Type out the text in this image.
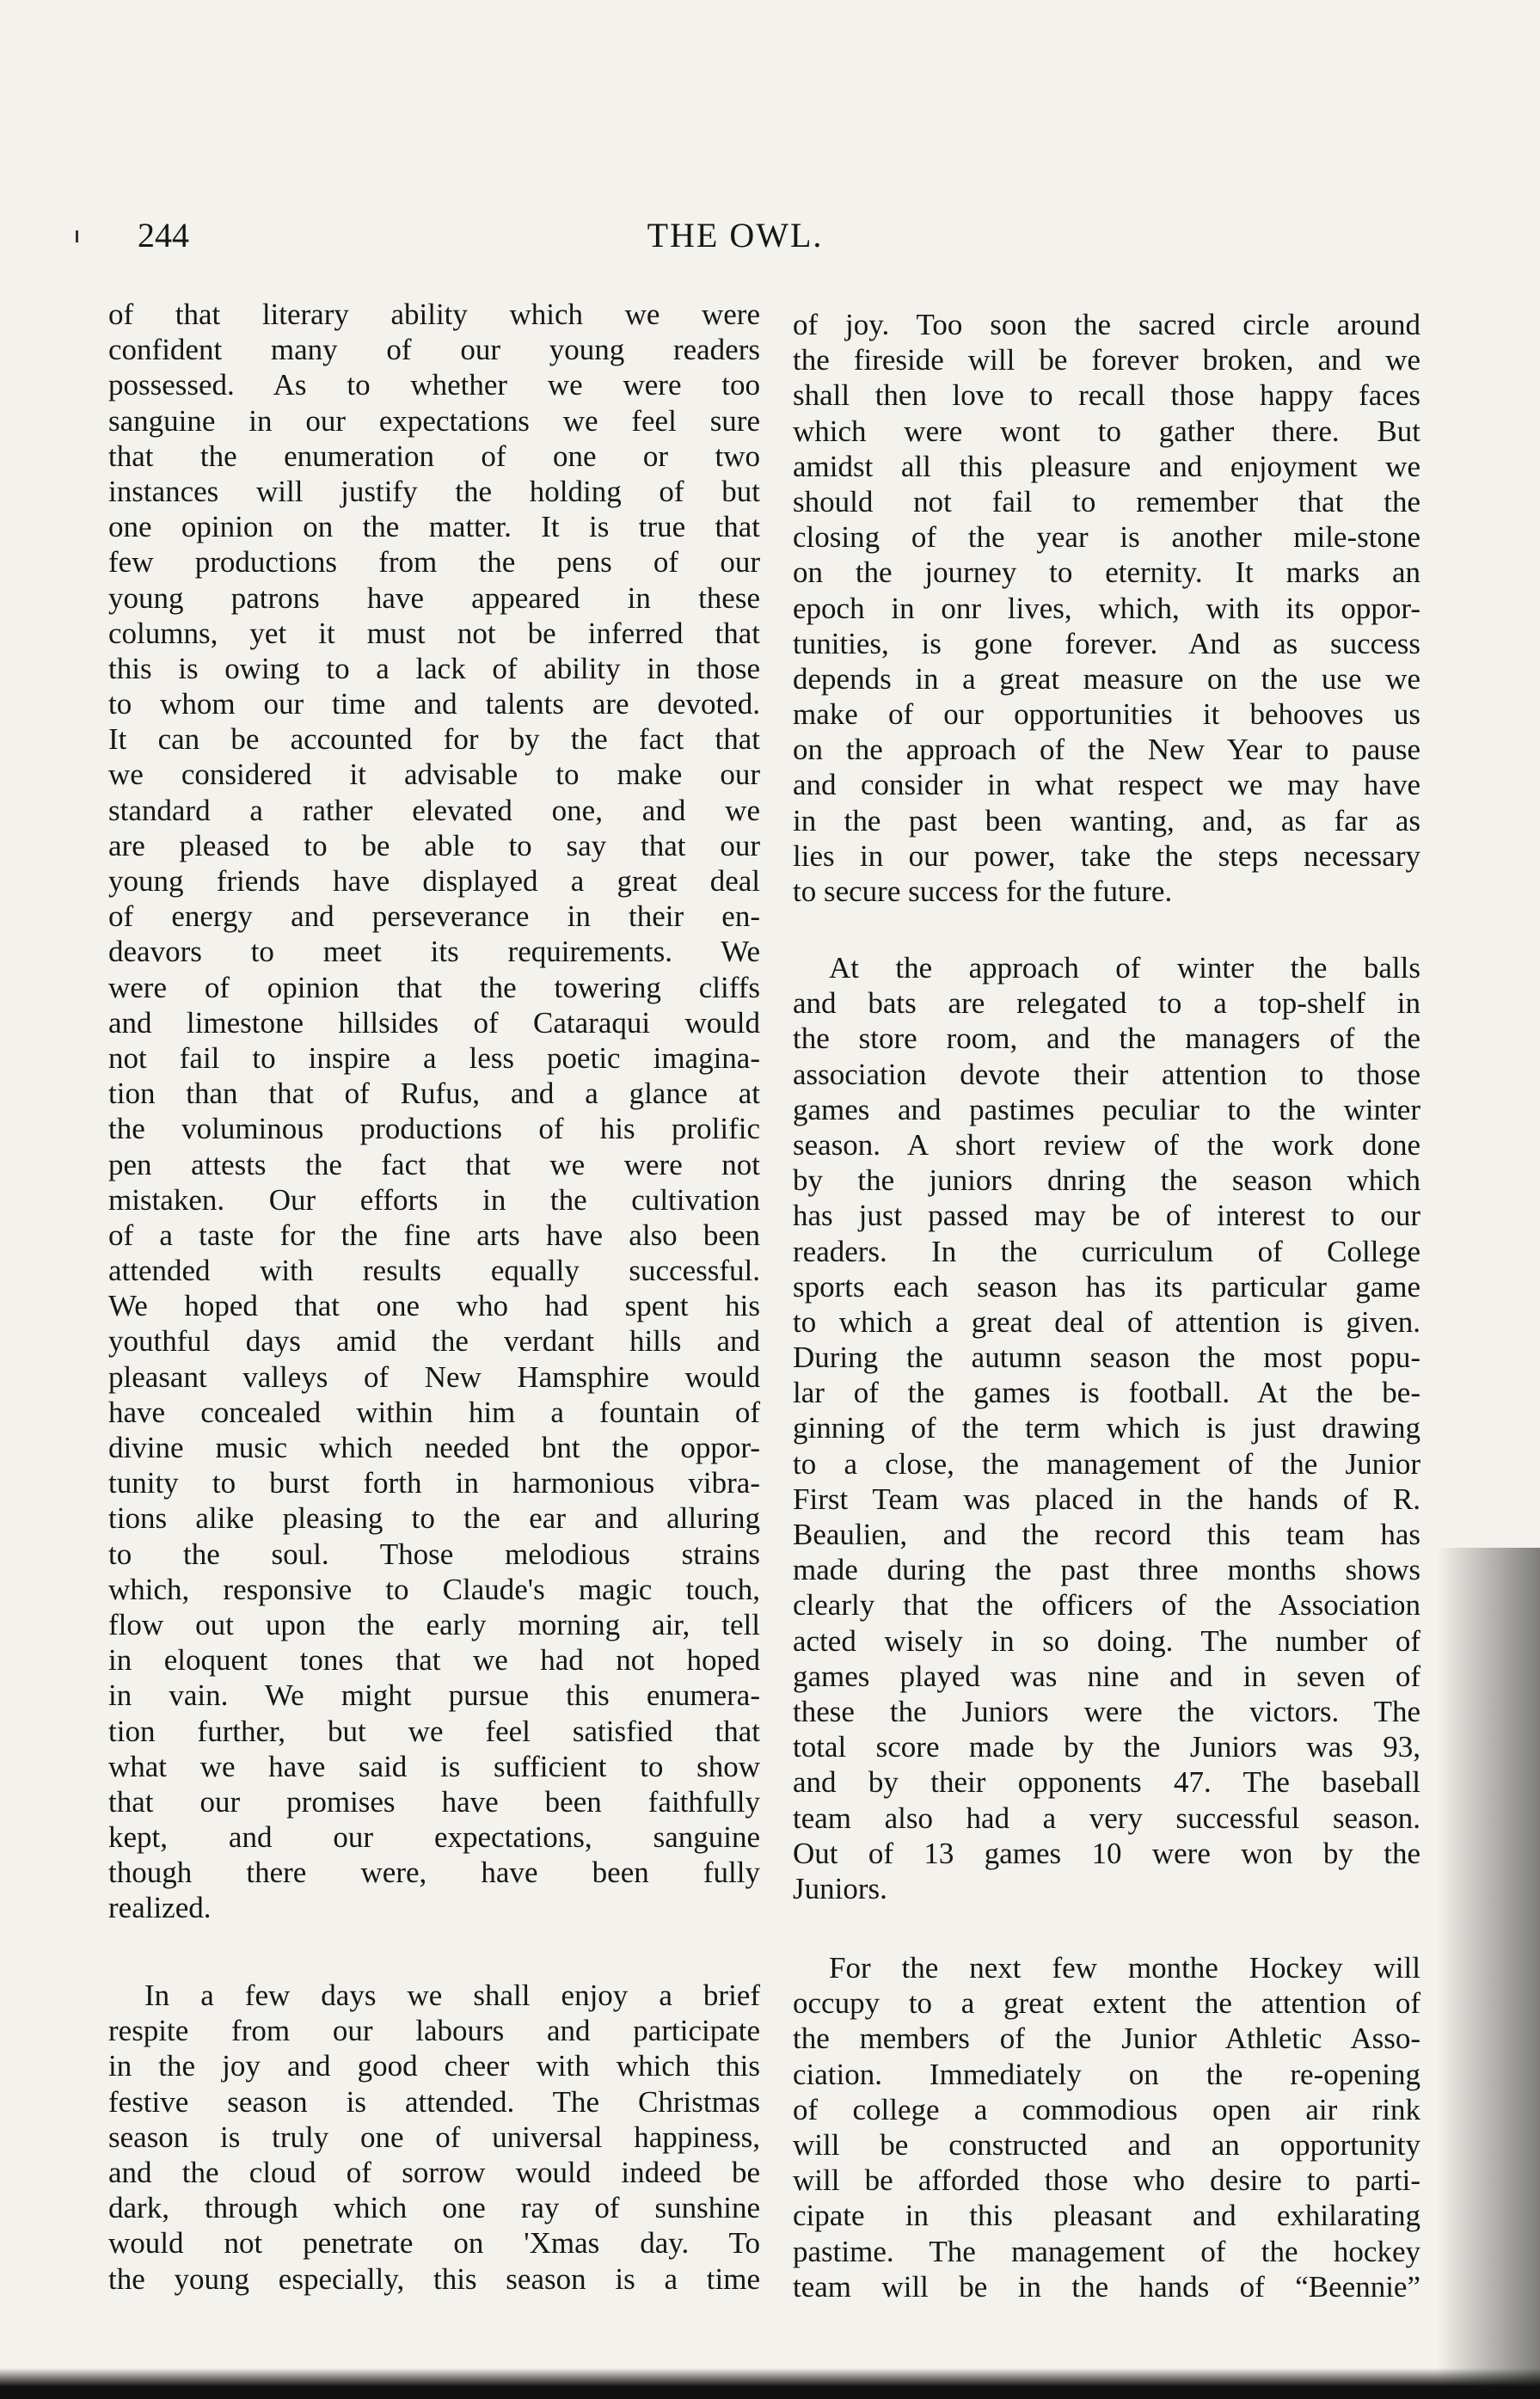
244	THE OWL.
of that literary ability which we were
confident many of our young readers
possessed. As to whether we were too
sanguine in our expectations we feel sure
that the enumeration of one or two
instances will justify the holding of but
one opinion on the matter. It is true that
few productions from the pens of our
young patrons have appeared in these
columns, yet it must not be inferred that
this is owing to a lack of ability in those
to whom our time and talents are devoted.
It can be accounted for by the fact that
we considered it advisable to make our
standard a rather elevated one, and we
are pleased to be able to say that our
young friends have displayed a great deal
of energy and perseverance in their en-
deavors to meet its requirements. We
were of opinion that the towering cliffs
and limestone hillsides of Cataraqui would
not fail to inspire a less poetic imagina-
tion than that of Rufus, and a glance at
the voluminous productions of his prolific
pen attests the fact that we were not
mistaken. Our efforts in the cultivation
of a taste for the fine arts have also been
attended with results equally successful.
We hoped that one who had spent his
youthful days amid the verdant hills and
pleasant valleys of New Hamsphire would
have concealed within him a fountain of
divine music which needed bnt the oppor-
tunity to burst forth in harmonious vibra-
tions alike pleasing to the ear and alluring
to the soul. Those melodious strains
which, responsive to Claude's magic touch,
flow out upon the early morning air, tell
in eloquent tones that we had not hoped
in vain. We might pursue this enumera-
tion further, but we feel satisfied that
what we have said is sufficient to show
that our promises have been faithfully
kept, and our expectations, sanguine
though there were, have been fully
realized.
In a few days we shall enjoy a brief
respite from our labours and participate
in the joy and good cheer with which this
festive season is attended. The Christmas
season is truly one of universal happiness,
and the cloud of sorrow would indeed be
dark, through which one ray of sunshine
would not penetrate on 'Xmas day. To
the young especially, this season is a time
of joy. Too soon the sacred circle around
the fireside will be forever broken, and we
shall then love to recall those happy faces
which were wont to gather there. But
amidst all this pleasure and enjoyment we
should not fail to remember that the
closing of the year is another mile-stone
on the journey to eternity. It marks an
epoch in onr lives, which, with its oppor-
tunities, is gone forever. And as success
depends in a great measure on the use we
make of our opportunities it behooves us
on the approach of the New Year to pause
and consider in what respect we may have
in the past been wanting, and, as far as
lies in our power, take the steps necessary
to secure success for the future.
At the approach of winter the balls
and bats are relegated to a top-shelf in
the store room, and the managers of the
association devote their attention to those
games and pastimes peculiar to the winter
season. A short review of the work done
by the juniors dnring the season which
has just passed may be of interest to our
readers. In the curriculum of College
sports each season has its particular game
to which a great deal of attention is given.
During the autumn season the most popu-
lar of the games is football. At the be-
ginning of the term which is just drawing
to a close, the management of the Junior
First Team was placed in the hands of R.
Beaulien, and the record this team has
made during the past three months shows
clearly that the officers of the Association
acted wisely in so doing. The number of
games played was nine and in seven of
these the Juniors were the victors. The
total score made by the Juniors was 93,
and by their opponents 47. The baseball
team also had a very successful season.
Out of 13 games 10 were won by the
Juniors.
For the next few monthe Hockey will
occupy to a great extent the attention of
the members of the Junior Athletic Asso-
ciation. Immediately on the re-opening
of college a commodious open air rink
will be constructed and an opportunity
will be afforded those who desire to parti-
cipate in this pleasant and exhilarating
pastime. The management of the hockey
team will be in the hands of “Beennie”
